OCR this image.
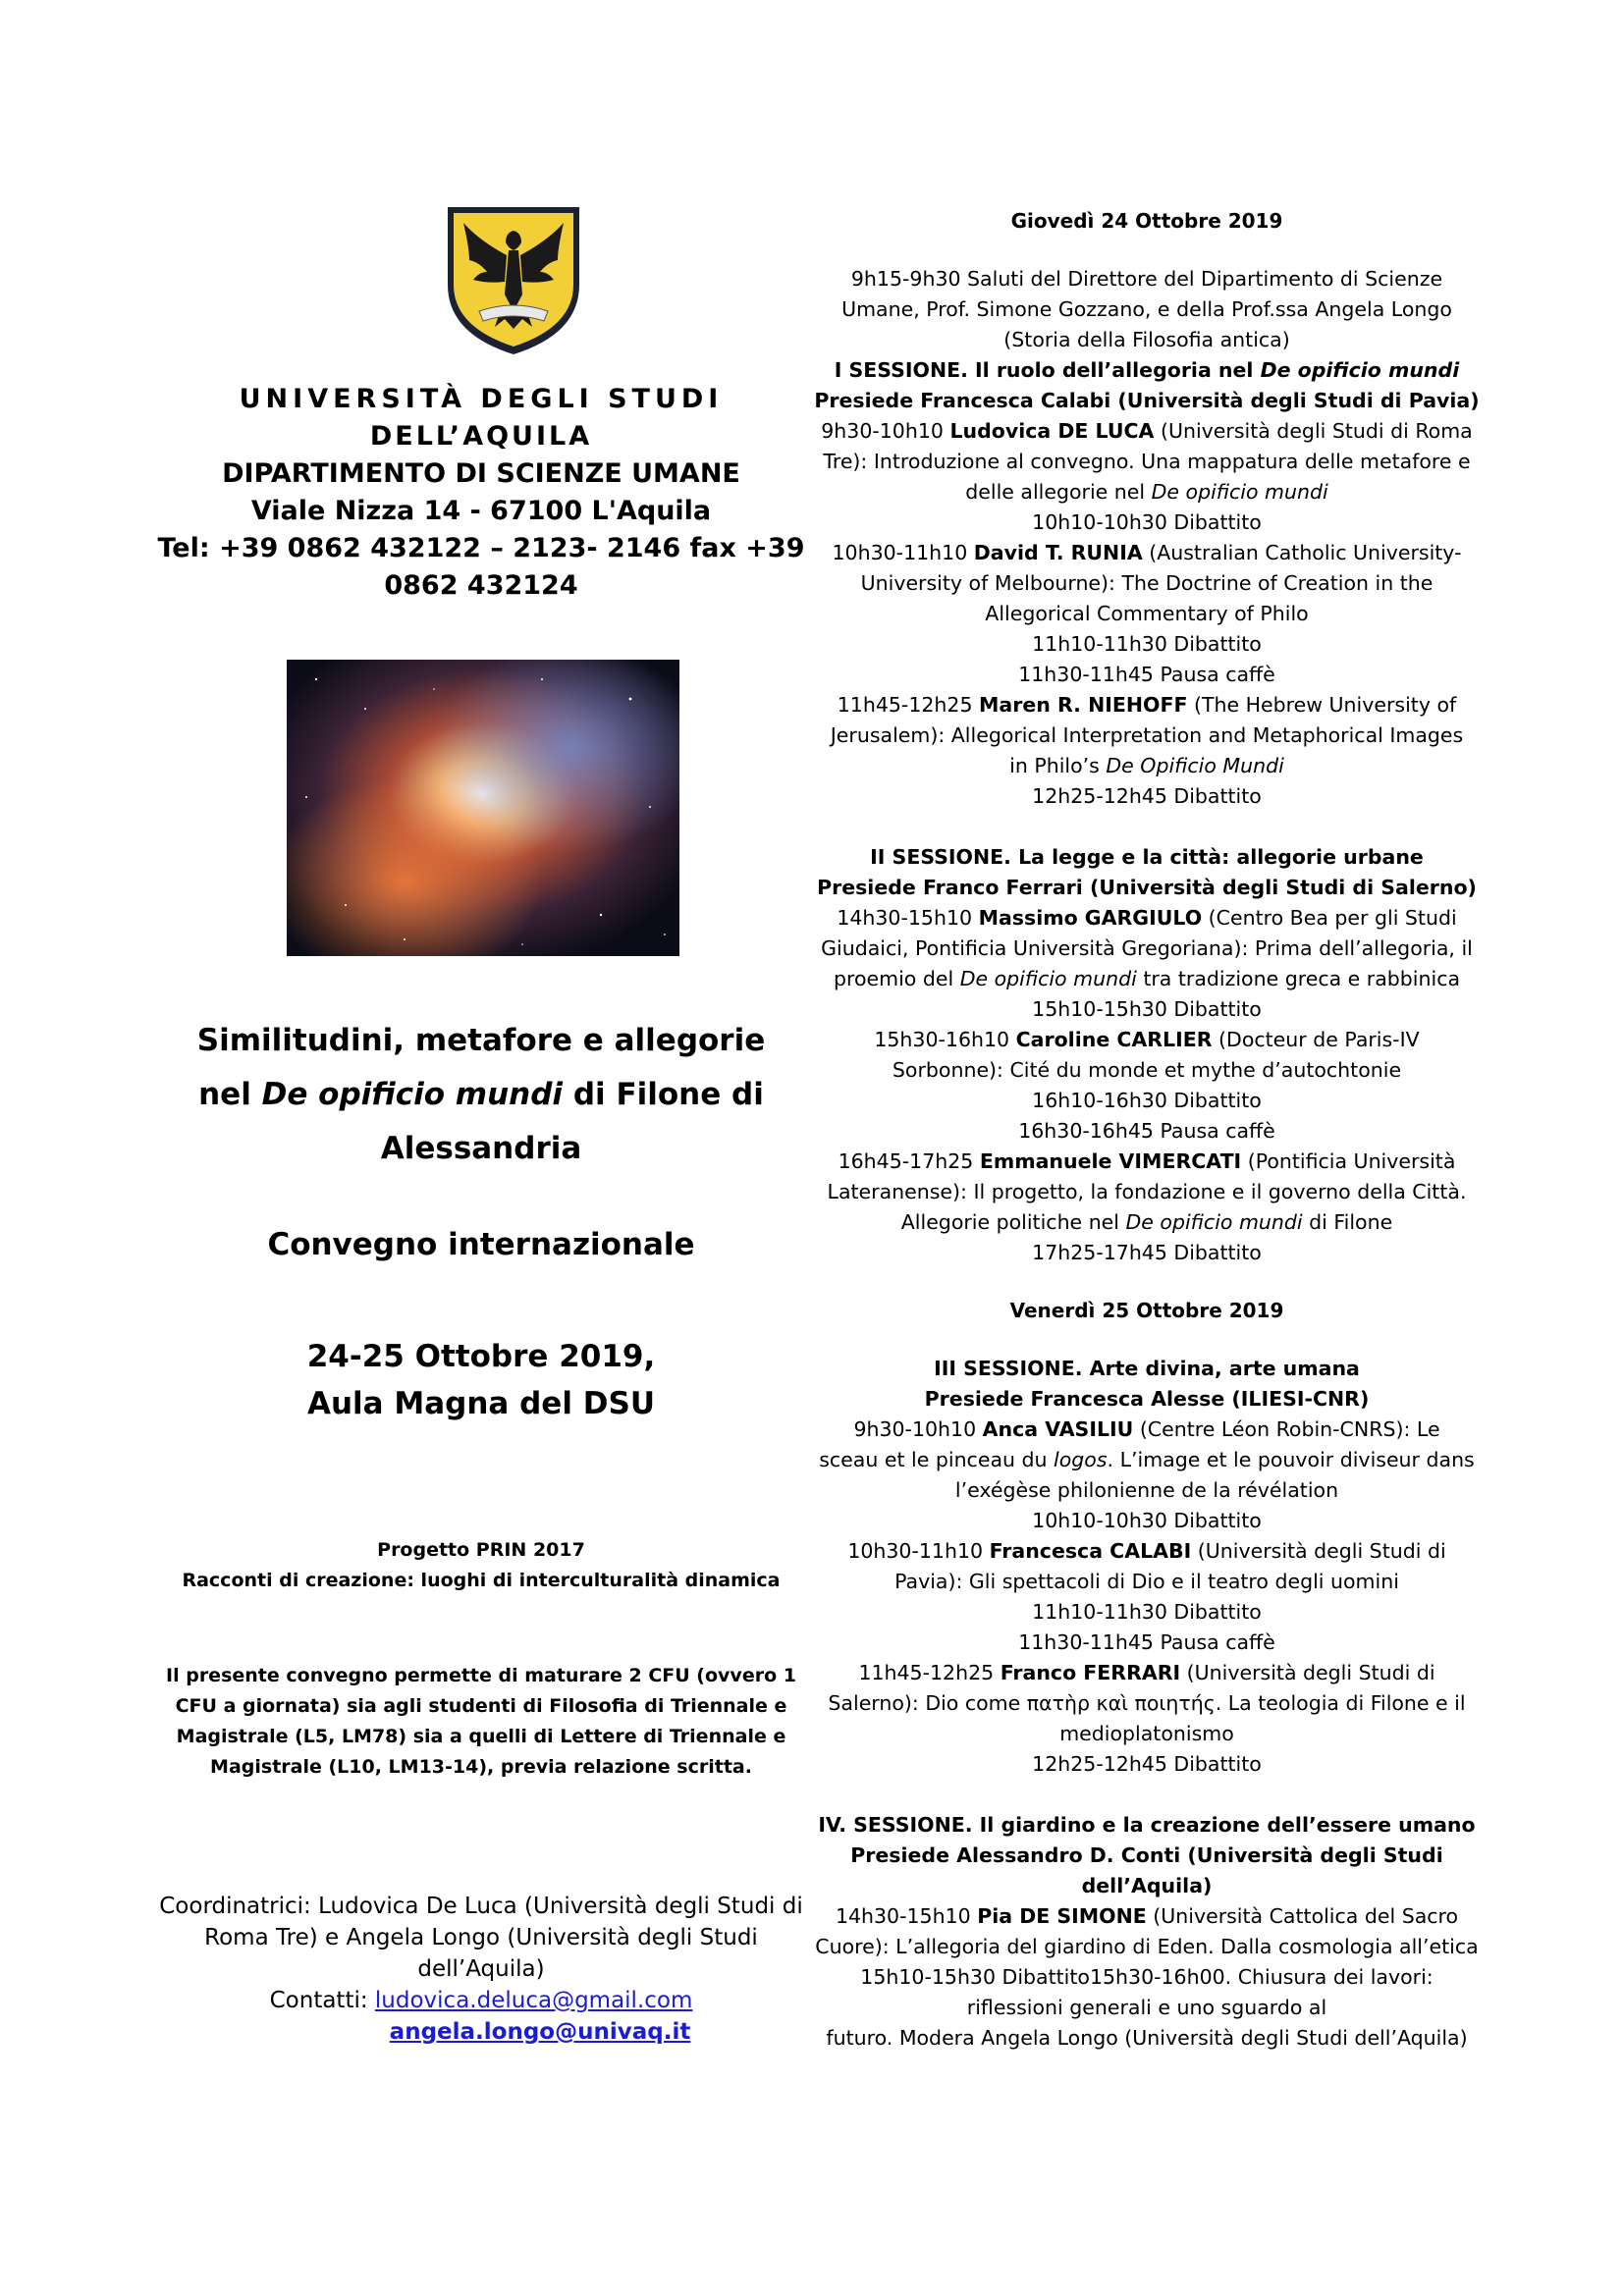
UNIVERSITÀ DEGLI STUDI
DELL’AQUILA
DIPARTIMENTO DI SCIENZE UMANE
Viale Nizza 14 - 67100 L'Aquila
Tel: +39 0862 432122 – 2123- 2146 fax +39
0862 432124
Similitudini, metafore e allegorie
nel De opificio mundi di Filone di
Alessandria
Convegno internazionale
24-25 Ottobre 2019,
Aula Magna del DSU
Progetto PRIN 2017
Racconti di creazione: luoghi di interculturalità dinamica
Il presente convegno permette di maturare 2 CFU (ovvero 1
CFU a giornata) sia agli studenti di Filosofia di Triennale e
Magistrale (L5, LM78) sia a quelli di Lettere di Triennale e
Magistrale (L10, LM13-14), previa relazione scritta.
Coordinatrici: Ludovica De Luca (Università degli Studi di
Roma Tre) e Angela Longo (Università degli Studi
dell’Aquila)
Contatti: ludovica.deluca@gmail.com
angela.longo@univaq.it
Giovedì 24 Ottobre 2019
9h15-9h30 Saluti del Direttore del Dipartimento di Scienze
Umane, Prof. Simone Gozzano, e della Prof.ssa Angela Longo
(Storia della Filosofia antica)
I SESSIONE. Il ruolo dell’allegoria nel De opificio mundi
Presiede Francesca Calabi (Università degli Studi di Pavia)
9h30-10h10 Ludovica DE LUCA (Università degli Studi di Roma
Tre): Introduzione al convegno. Una mappatura delle metafore e
delle allegorie nel De opificio mundi
10h10-10h30 Dibattito
10h30-11h10 David T. RUNIA (Australian Catholic University-
University of Melbourne): The Doctrine of Creation in the
Allegorical Commentary of Philo
11h10-11h30 Dibattito
11h30-11h45 Pausa caffè
11h45-12h25 Maren R. NIEHOFF (The Hebrew University of
Jerusalem): Allegorical Interpretation and Metaphorical Images
in Philo’s De Opificio Mundi
12h25-12h45 Dibattito
II SESSIONE. La legge e la città: allegorie urbane
Presiede Franco Ferrari (Università degli Studi di Salerno)
14h30-15h10 Massimo GARGIULO (Centro Bea per gli Studi
Giudaici, Pontificia Università Gregoriana): Prima dell’allegoria, il
proemio del De opificio mundi tra tradizione greca e rabbinica
15h10-15h30 Dibattito
15h30-16h10 Caroline CARLIER (Docteur de Paris-IV
Sorbonne): Cité du monde et mythe d’autochtonie
16h10-16h30 Dibattito
16h30-16h45 Pausa caffè
16h45-17h25 Emmanuele VIMERCATI (Pontificia Università
Lateranense): Il progetto, la fondazione e il governo della Città.
Allegorie politiche nel De opificio mundi di Filone
17h25-17h45 Dibattito
Venerdì 25 Ottobre 2019
III SESSIONE. Arte divina, arte umana
Presiede Francesca Alesse (ILIESI-CNR)
9h30-10h10 Anca VASILIU (Centre Léon Robin-CNRS): Le
sceau et le pinceau du logos. L’image et le pouvoir diviseur dans
l’exégèse philonienne de la révélation
10h10-10h30 Dibattito
10h30-11h10 Francesca CALABI (Università degli Studi di
Pavia): Gli spettacoli di Dio e il teatro degli uomini
11h10-11h30 Dibattito
11h30-11h45 Pausa caffè
11h45-12h25 Franco FERRARI (Università degli Studi di
Salerno): Dio come πατὴρ καὶ ποιητής. La teologia di Filone e il
medioplatonismo
12h25-12h45 Dibattito
IV. SESSIONE. Il giardino e la creazione dell’essere umano
Presiede Alessandro D. Conti (Università degli Studi
dell’Aquila)
14h30-15h10 Pia DE SIMONE (Università Cattolica del Sacro
Cuore): L’allegoria del giardino di Eden. Dalla cosmologia all’etica
15h10-15h30 Dibattito15h30-16h00. Chiusura dei lavori:
riflessioni generali e uno sguardo al
futuro. Modera Angela Longo (Università degli Studi dell’Aquila)
